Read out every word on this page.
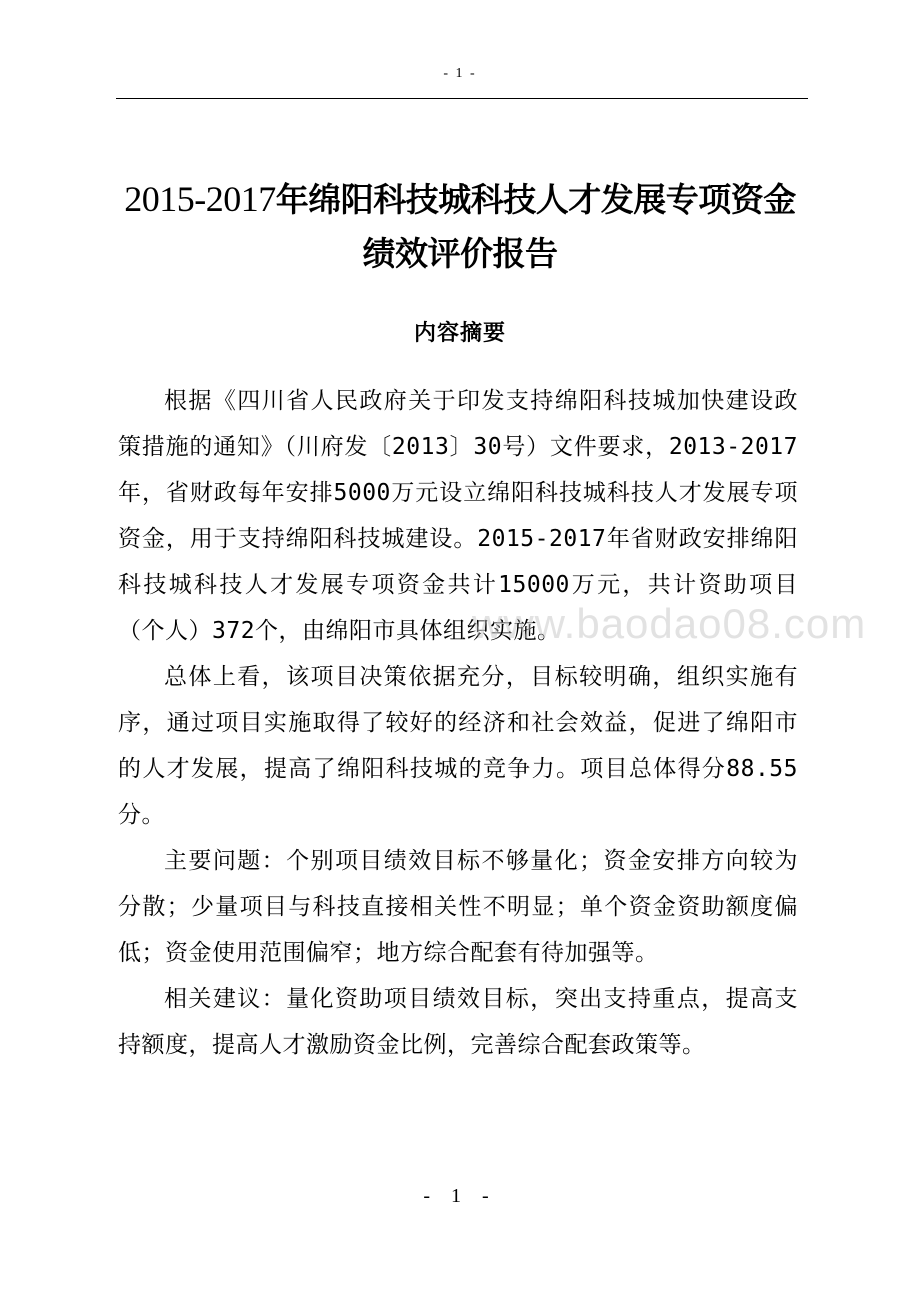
- 1 -
2015-2017年绵阳科技城科技人才发展专项资金绩效评价报告
内容摘要

根据《四川省人民政府关于印发支持绵阳科技城加快建设政策措施的通知》（川府发〔2013〕30号）文件要求，2013-2017年，省财政每年安排5000万元设立绵阳科技城科技人才发展专项资金，用于支持绵阳科技城建设。2015-2017年省财政安排绵阳科技城科技人才发展专项资金共计15000万元，共计资助项目（个人）372个，由绵阳市具体组织实施。

总体上看，该项目决策依据充分，目标较明确，组织实施有序，通过项目实施取得了较好的经济和社会效益，促进了绵阳市的人才发展，提高了绵阳科技城的竞争力。项目总体得分88.55分。

主要问题：个别项目绩效目标不够量化；资金安排方向较为分散；少量项目与科技直接相关性不明显；单个资金资助额度偏低；资金使用范围偏窄；地方综合配套有待加强等。

相关建议：量化资助项目绩效目标，突出支持重点，提高支持额度，提高人才激励资金比例，完善综合配套政策等。

www.baodao08.com
- 1 -
